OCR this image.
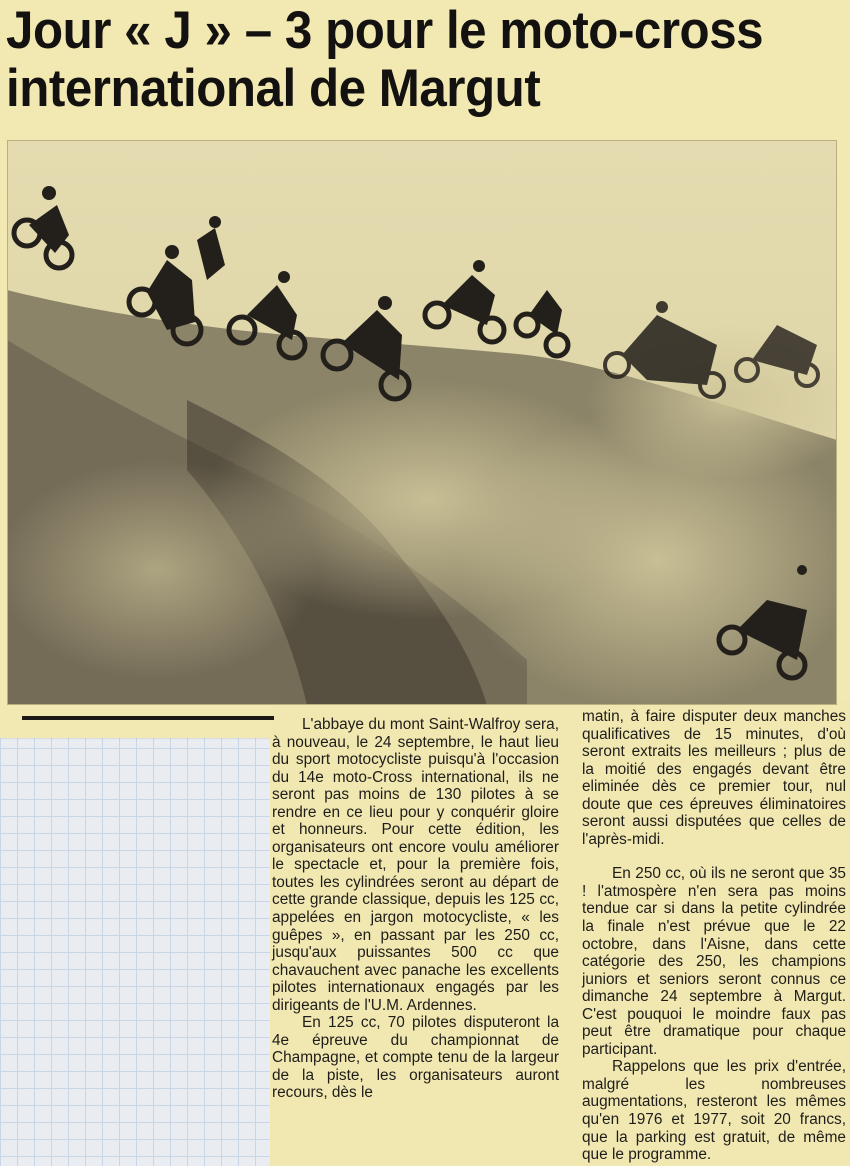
Jour « J » – 3 pour le moto-cross
international de Margut

L'abbaye du mont Saint-Walfroy sera, à nouveau, le 24 septembre, le haut lieu du sport motocycliste puisqu'à l'occasion du 14e moto-Cross international, ils ne seront pas moins de 130 pilotes à se rendre en ce lieu pour y conquérir gloire et honneurs. Pour cette édition, les organisateurs ont encore voulu améliorer le spectacle et, pour la première fois, toutes les cylindrées seront au départ de cette grande classique, depuis les 125 cc, appelées en jargon motocycliste, « les guêpes », en passant par les 250 cc, jusqu'aux puissantes 500 cc que chavauchent avec panache les excellents pilotes internationaux engagés par les dirigeants de l'U.M. Ardennes.

En 125 cc, 70 pilotes disputeront la 4e épreuve du championnat de Champagne, et compte tenu de la largeur de la piste, les organisateurs auront recours, dès le

matin, à faire disputer deux manches qualificatives de 15 minutes, d'où seront extraits les meilleurs ; plus de la moitié des engagés devant être eliminée dès ce premier tour, nul doute que ces épreuves éliminatoires seront aussi disputées que celles de l'après-midi.

En 250 cc, où ils ne seront que 35 ! l'atmospère n'en sera pas moins tendue car si dans la petite cylindrée la finale n'est prévue que le 22 octobre, dans l'Aisne, dans cette catégorie des 250, les champions juniors et seniors seront connus ce dimanche 24 septembre à Margut. C'est pouquoi le moindre faux pas peut être dramatique pour chaque participant.

Rappelons que les prix d'entrée, malgré les nombreuses augmentations, resteront les mêmes qu'en 1976 et 1977, soit 20 francs, que la parking est gratuit, de même que le programme.
